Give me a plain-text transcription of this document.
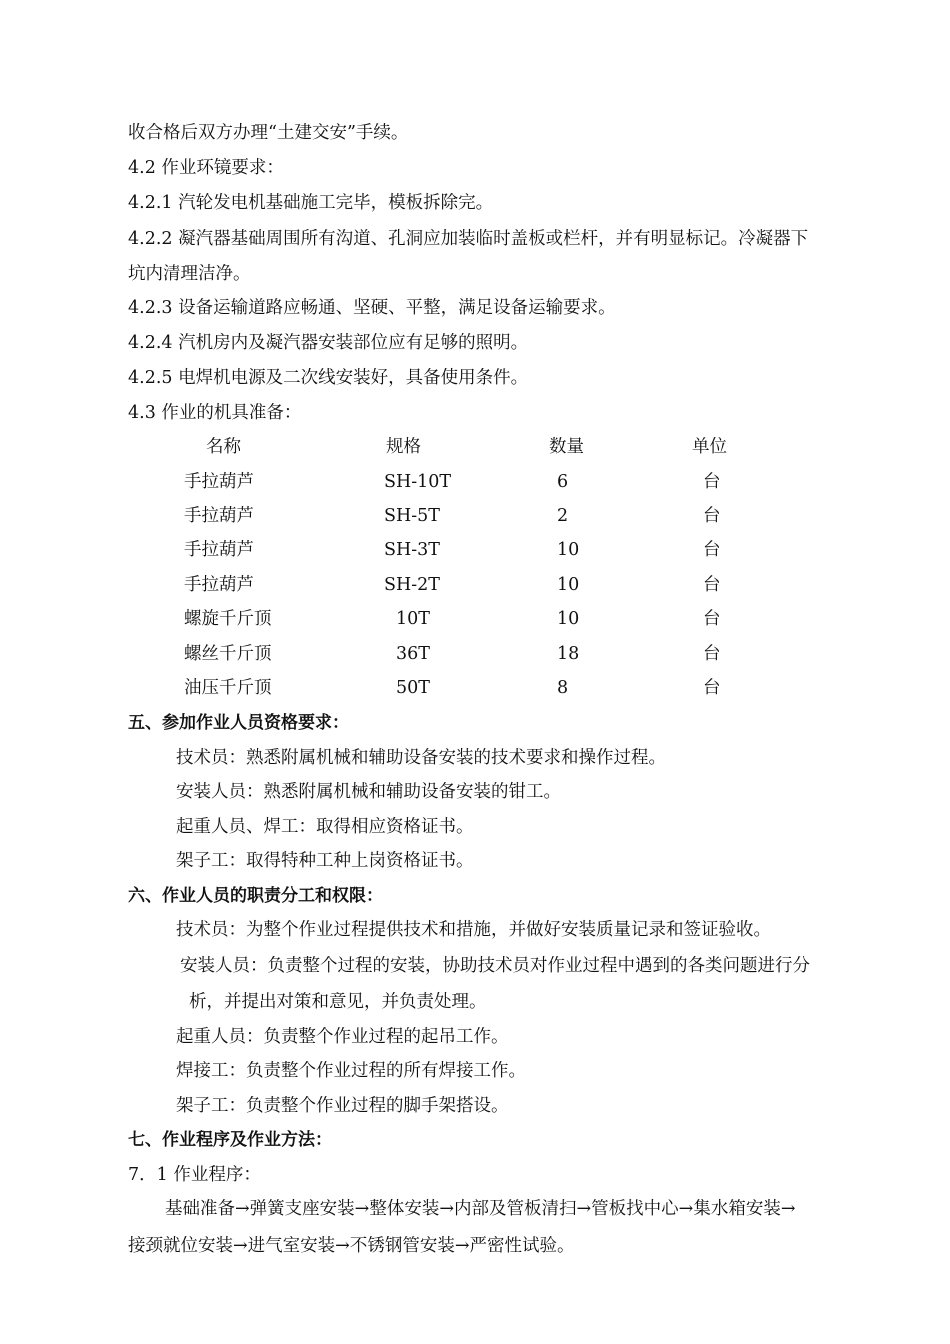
收合格后双方办理“土建交安”手续。
4.2 作业环镜要求：
4.2.1 汽轮发电机基础施工完毕，模板拆除完。
4.2.2 凝汽器基础周围所有沟道、孔洞应加装临时盖板或栏杆，并有明显标记。冷凝器下
坑内清理洁净。
4.2.3 设备运输道路应畅通、坚硬、平整，满足设备运输要求。
4.2.4 汽机房内及凝汽器安装部位应有足够的照明。
4.2.5 电焊机电源及二次线安装好，具备使用条件。
4.3 作业的机具准备：
名称	规格	数量	单位
手拉葫芦	SH-10T	6	台
手拉葫芦	SH-5T	2	台
手拉葫芦	SH-3T	10	台
手拉葫芦	SH-2T	10	台
螺旋千斤顶	10T	10	台
螺丝千斤顶	36T	18	台
油压千斤顶	50T	8	台
五、参加作业人员资格要求：
技术员：熟悉附属机械和辅助设备安装的技术要求和操作过程。
安装人员：熟悉附属机械和辅助设备安装的钳工。
起重人员、焊工：取得相应资格证书。
架子工：取得特种工种上岗资格证书。
六、作业人员的职责分工和权限：
技术员：为整个作业过程提供技术和措施，并做好安装质量记录和签证验收。
安装人员：负责整个过程的安装，协助技术员对作业过程中遇到的各类问题进行分
析，并提出对策和意见，并负责处理。
起重人员：负责整个作业过程的起吊工作。
焊接工：负责整个作业过程的所有焊接工作。
架子工：负责整个作业过程的脚手架搭设。
七、作业程序及作业方法：
7．1 作业程序：
基础准备→弹簧支座安装→整体安装→内部及管板清扫→管板找中心→集水箱安装→
接颈就位安装→进气室安装→不锈钢管安装→严密性试验。
